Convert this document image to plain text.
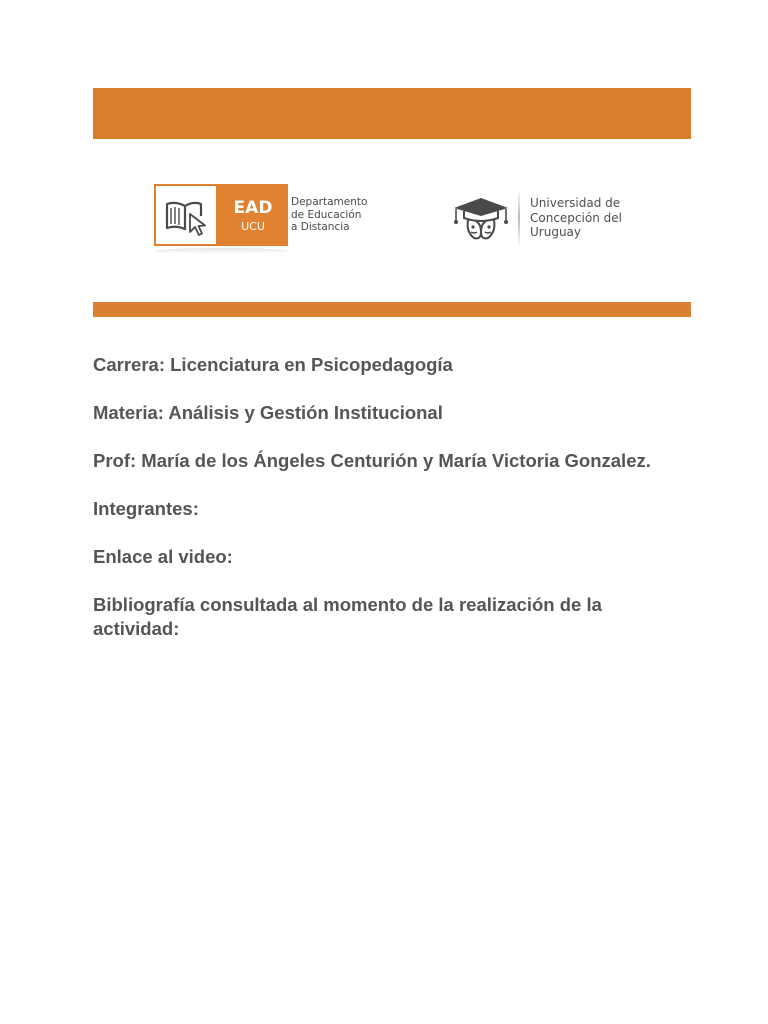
EAD
UCU
Departamento
de Educación
a Distancia
Universidad de
Concepción del
Uruguay

Carrera: Licenciatura en Psicopedagogía

Materia: Análisis y Gestión Institucional

Prof: María de los Ángeles Centurión y María Victoria Gonzalez.

Integrantes:

Enlace al video:

Bibliografía consultada al momento de la realización de la actividad:
